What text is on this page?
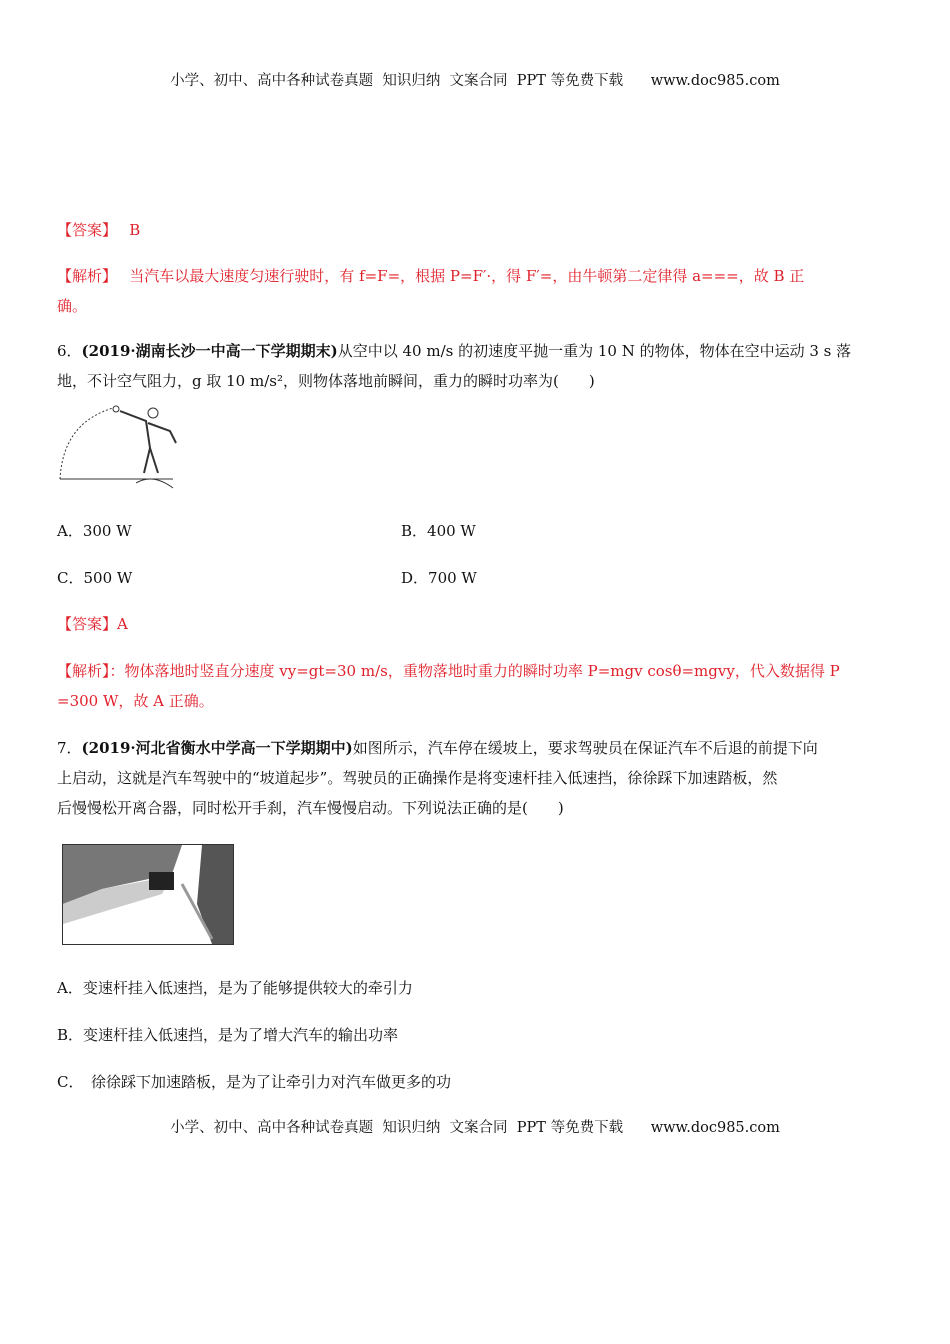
小学、初中、高中各种试卷真题  知识归纳  文案合同  PPT 等免费下载      www.doc985.com
【答案】　 B
【解析】　 当汽车以最大速度匀速行驶时，有 f=F=，根据 P=F′·，得 F′=，由牛顿第二定律得 a===，故 B 正
确。
6．(2019·湖南长沙一中高一下学期期末)从空中以 40 m/s 的初速度平抛一重为 10 N 的物体，物体在空中运动 3 s 落
地，不计空气阻力，g 取 10 m/s²，则物体落地前瞬间，重力的瞬时功率为(　　)
A．300 W	B．400 W
C．500 W	D．700 W
【答案】A
【解析】：物体落地时竖直分速度 vy=gt=30 m/s，重物落地时重力的瞬时功率 P=mgv cosθ=mgvy，代入数据得 P
=300 W，故 A 正确。
7．(2019·河北省衡水中学高一下学期期中)如图所示，汽车停在缓坡上，要求驾驶员在保证汽车不后退的前提下向
上启动，这就是汽车驾驶中的“坡道起步”。驾驶员的正确操作是将变速杆挂入低速挡，徐徐踩下加速踏板，然
后慢慢松开离合器，同时松开手刹，汽车慢慢启动。下列说法正确的是(　　)
A．变速杆挂入低速挡，是为了能够提供较大的牵引力
B．变速杆挂入低速挡，是为了增大汽车的输出功率
C．　徐徐踩下加速踏板，是为了让牵引力对汽车做更多的功
小学、初中、高中各种试卷真题  知识归纳  文案合同  PPT 等免费下载      www.doc985.com
